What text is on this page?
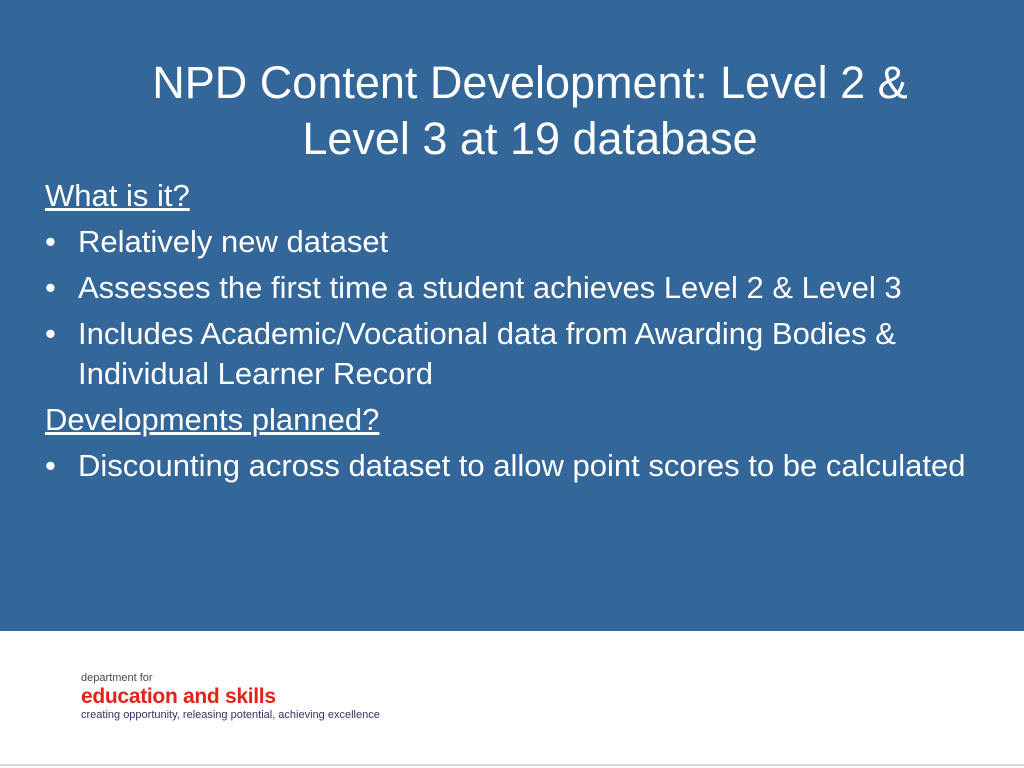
NPD Content Development: Level 2 &
Level 3 at 19 database
What is it?
• Relatively new dataset
• Assesses the first time a student achieves Level 2 & Level 3
• Includes Academic/Vocational data from Awarding Bodies & Individual Learner Record
Developments planned?
• Discounting across dataset to allow point scores to be calculated
department for
education and skills
creating opportunity, releasing potential, achieving excellence
